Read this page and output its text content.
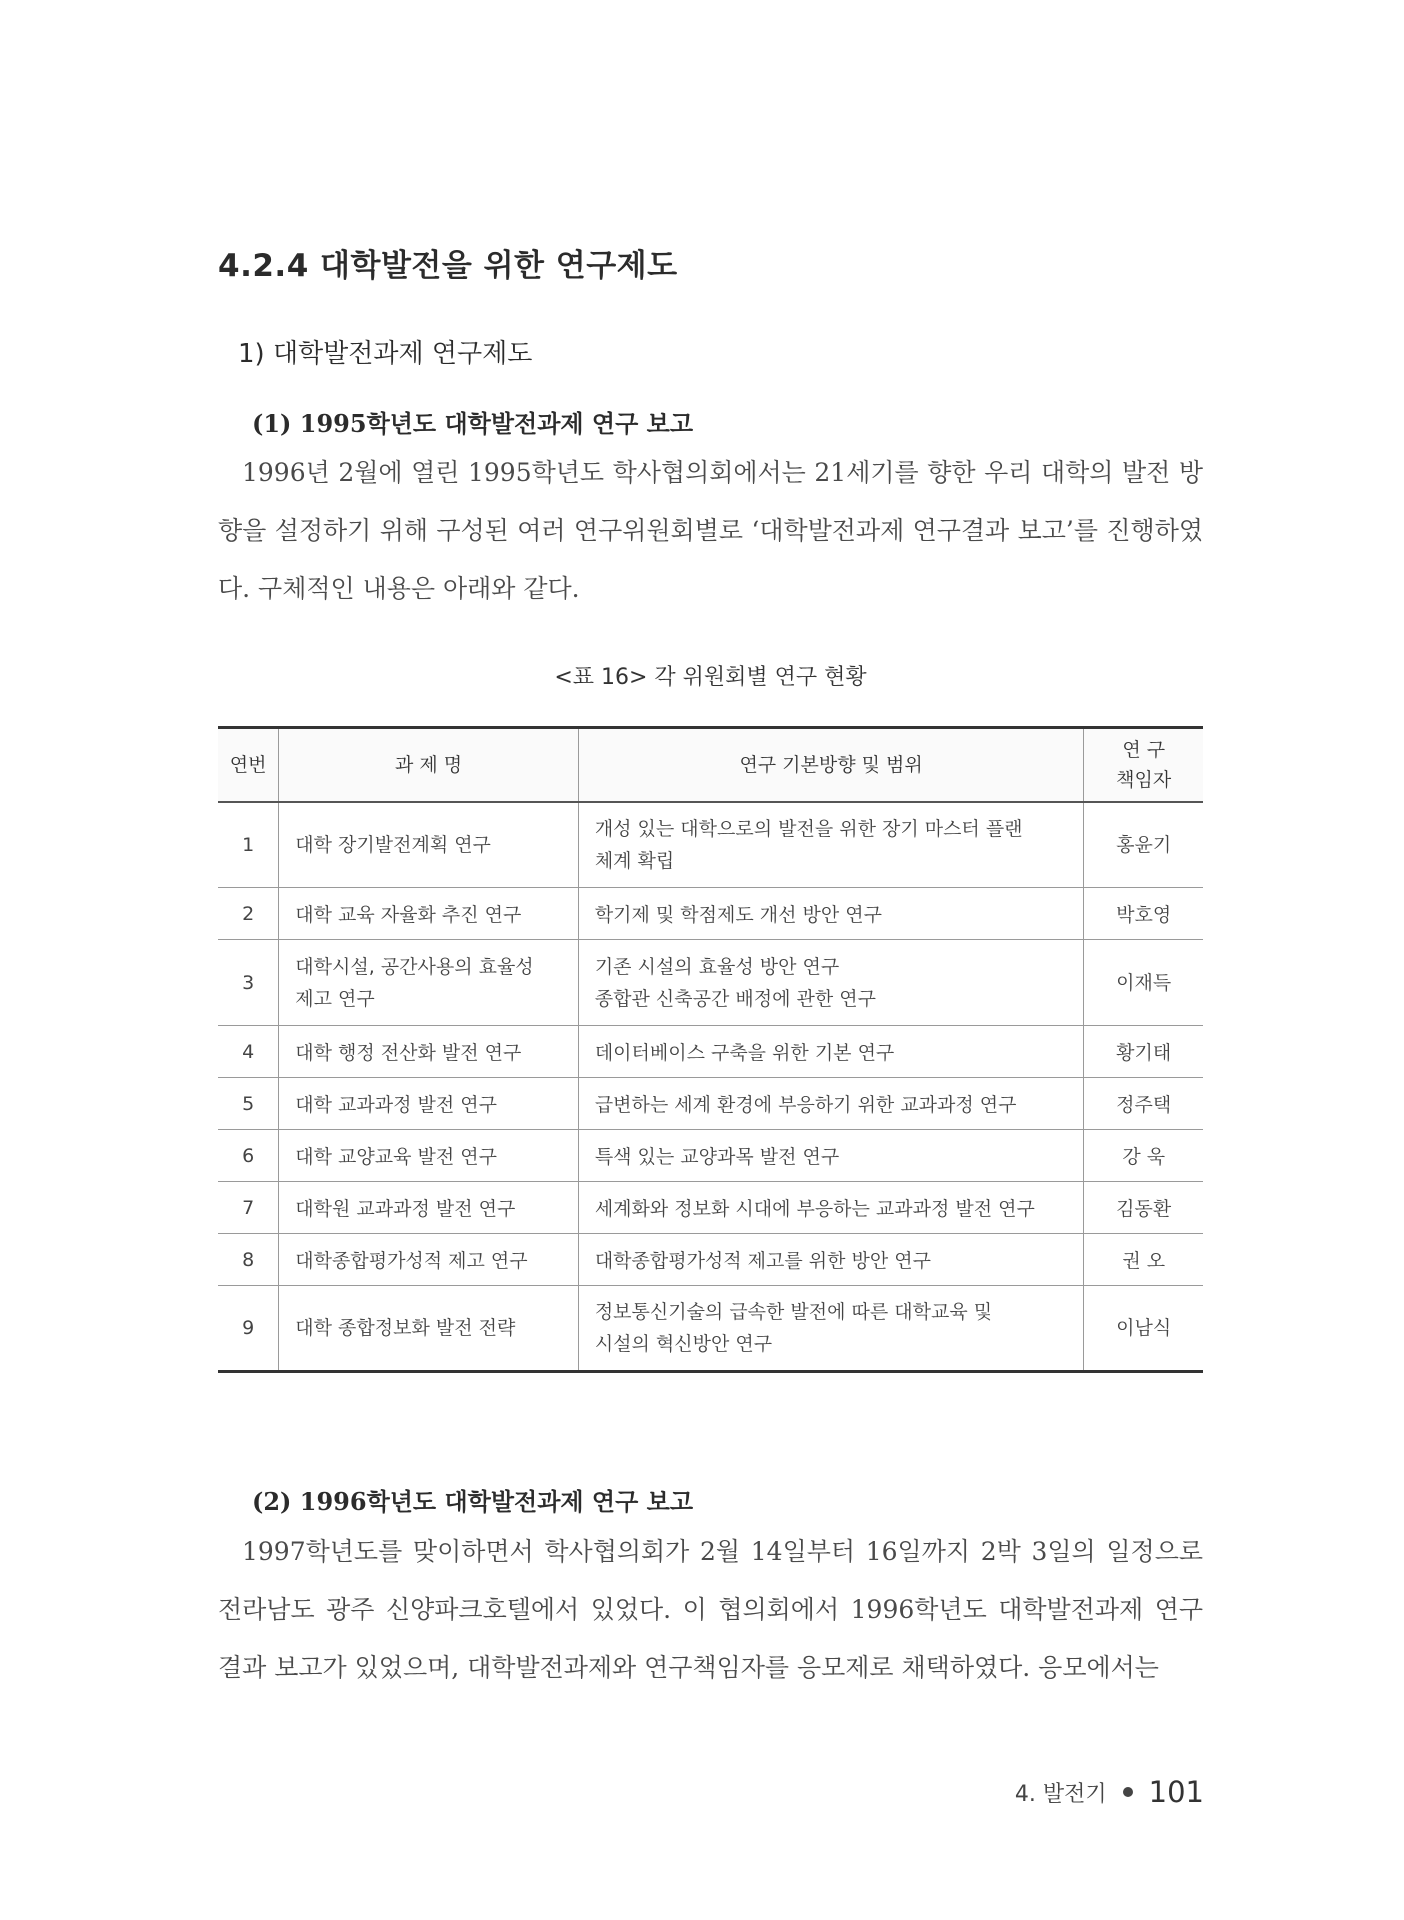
4.2.4 대학발전을 위한 연구제도
1) 대학발전과제 연구제도
(1) 1995학년도 대학발전과제 연구 보고

1996년 2월에 열린 1995학년도 학사협의회에서는 21세기를 향한 우리 대학의 발전 방향을 설정하기 위해 구성된 여러 연구위원회별로 ‘대학발전과제 연구결과 보고’를 진행하였다. 구체적인 내용은 아래와 같다.

<표 16> 각 위원회별 연구 현황
연번	과 제 명	연구 기본방향 및 범위	연 구
책임자

1	대학 장기발전계획 연구	개성 있는 대학으로의 발전을 위한 장기 마스터 플랜
체계 확립	홍윤기
2	대학 교육 자율화 추진 연구	학기제 및 학점제도 개선 방안 연구	박호영
3	대학시설, 공간사용의 효율성
제고 연구	기존 시설의 효율성 방안 연구
종합관 신축공간 배정에 관한 연구	이재득
4	대학 행정 전산화 발전 연구	데이터베이스 구축을 위한 기본 연구	황기태
5	대학 교과과정 발전 연구	급변하는 세계 환경에 부응하기 위한 교과과정 연구	정주택
6	대학 교양교육 발전 연구	특색 있는 교양과목 발전 연구	강 욱
7	대학원 교과과정 발전 연구	세계화와 정보화 시대에 부응하는 교과과정 발전 연구	김동환
8	대학종합평가성적 제고 연구	대학종합평가성적 제고를 위한 방안 연구	권 오
9	대학 종합정보화 발전 전략	정보통신기술의 급속한 발전에 따른 대학교육 및
시설의 혁신방안 연구	이남식
(2) 1996학년도 대학발전과제 연구 보고

1997학년도를 맞이하면서 학사협의회가 2월 14일부터 16일까지 2박 3일의 일정으로 전라남도 광주 신양파크호텔에서 있었다. 이 협의회에서 1996학년도 대학발전과제 연구 결과 보고가 있었으며, 대학발전과제와 연구책임자를 응모제로 채택하였다. 응모에서는

4. 발전기 101
